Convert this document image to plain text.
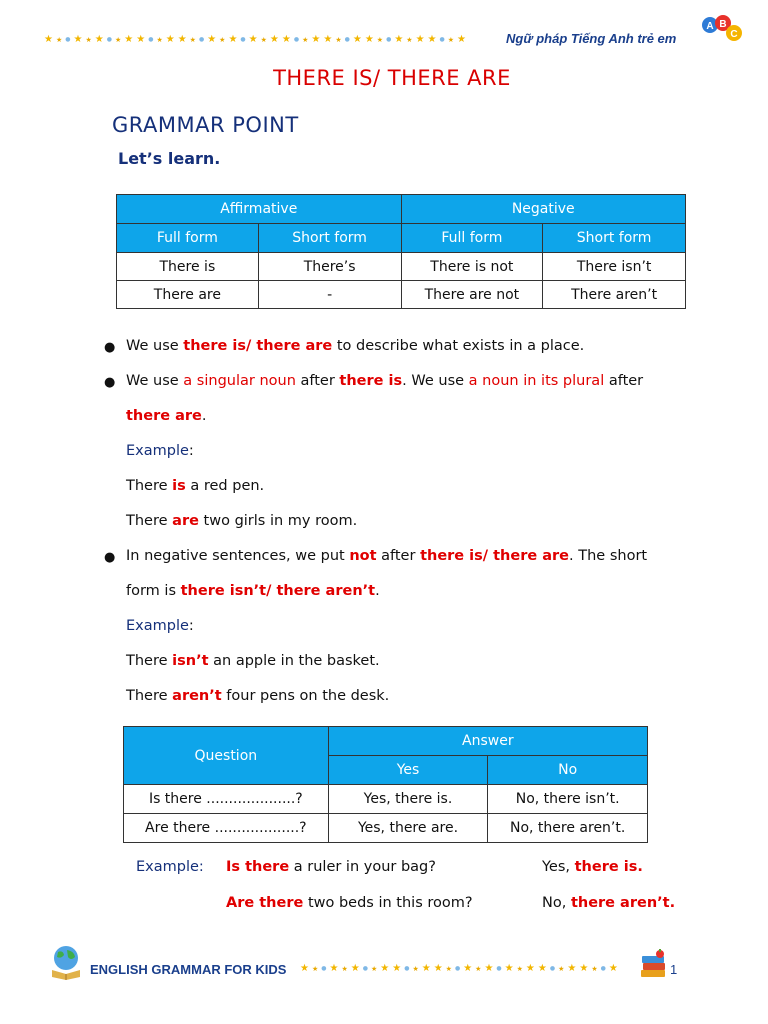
★★●★★★●★★★●★★★★●★★★●★★★★●★★★★●★★★●★★★★●★★	Ngữ pháp Tiếng Anh trẻ em
A B
C
THERE IS/ THERE ARE
GRAMMAR POINT
Let’s learn.
Affirmative		Negative	
Full form	Short form	Full form	Short form
There is	There’s	There is not	There isn’t
There are	-	There are not	There aren’t
● We use there is/ there are to describe what exists in a place.
● We use a singular noun after there is. We use a noun in its plural after
there are.
Example:
There is a red pen.
There are two girls in my room.
● In negative sentences, we put not after there is/ there are. The short
form is there isn’t/ there aren’t.
Example:
There isn’t an apple in the basket.
There aren’t four pens on the desk.
Question	Answer	
	Yes	No
Is there ....................?	Yes, there is.	No, there isn’t.
Are there ...................?	Yes, there are.	No, there aren’t.
Example: Is there a ruler in your bag?
Are there two beds in this room?
Yes, there is.
No, there aren’t.
ENGLISH GRAMMAR FOR KIDS ★★●★★★●★★★●★★★★●★★★●★★★★●★★★★●★	1
